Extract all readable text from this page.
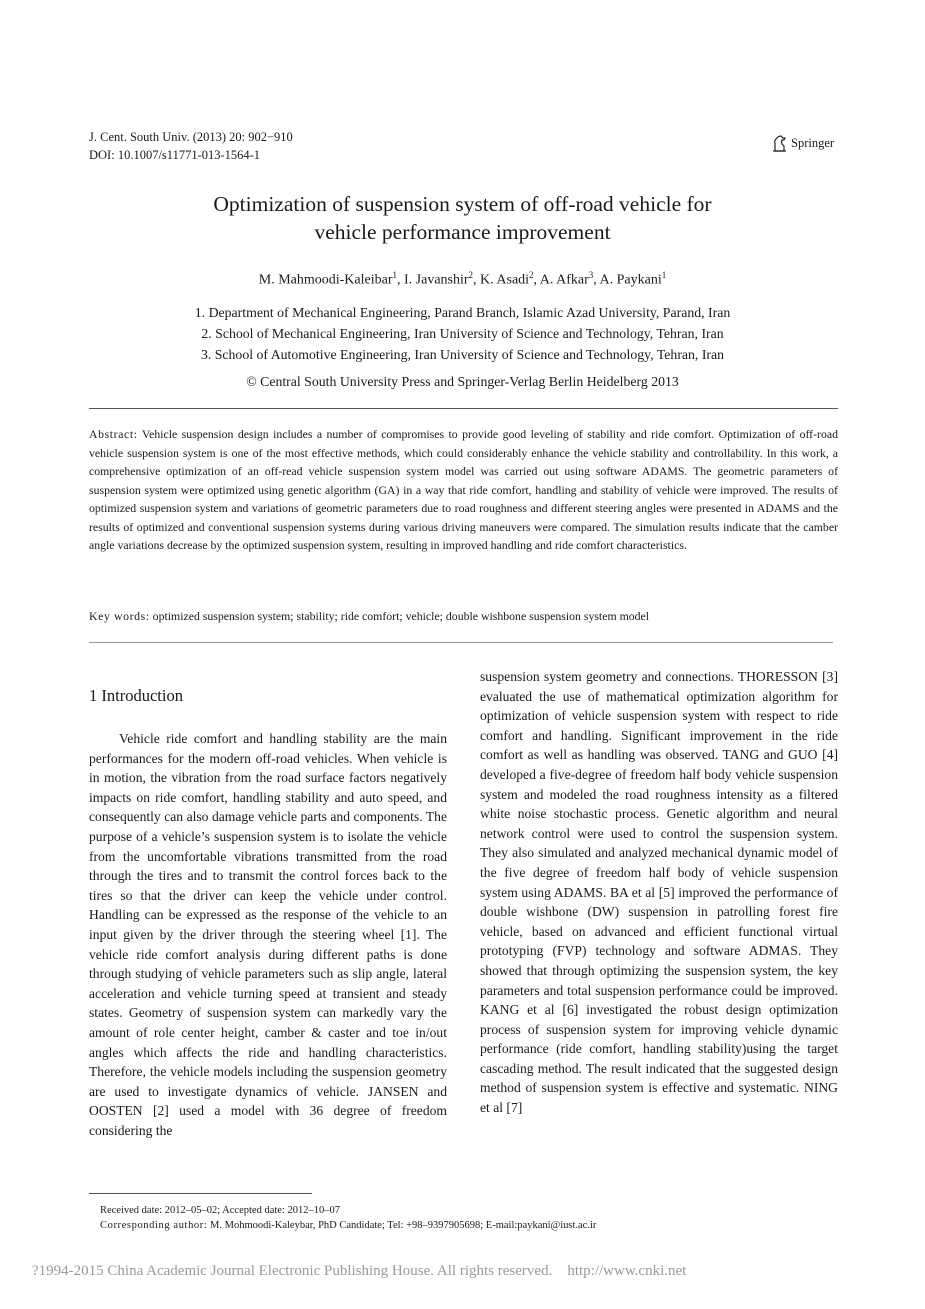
J. Cent. South Univ. (2013) 20: 902−910
DOI: 10.1007/s11771-013-1564-1
Springer
Optimization of suspension system of off-road vehicle for
vehicle performance improvement
M. Mahmoodi-Kaleibar$^1$, I. Javanshir$^2$, K. Asadi$^2$, A. Afkar$^3$, A. Paykani$^1$
1. Department of Mechanical Engineering, Parand Branch, Islamic Azad University, Parand, Iran
2. School of Mechanical Engineering, Iran University of Science and Technology, Tehran, Iran
3. School of Automotive Engineering, Iran University of Science and Technology, Tehran, Iran
© Central South University Press and Springer-Verlag Berlin Heidelberg 2013
Abstract: Vehicle suspension design includes a number of compromises to provide good leveling of stability and ride comfort. Optimization of off-road vehicle suspension system is one of the most effective methods, which could considerably enhance the vehicle stability and controllability. In this work, a comprehensive optimization of an off-read vehicle suspension system model was carried out using software ADAMS. The geometric parameters of suspension system were optimized using genetic algorithm (GA) in a way that ride comfort, handling and stability of vehicle were improved. The results of optimized suspension system and variations of geometric parameters due to road roughness and different steering angles were presented in ADAMS and the results of optimized and conventional suspension systems during various driving maneuvers were compared. The simulation results indicate that the camber angle variations decrease by the optimized suspension system, resulting in improved handling and ride comfort characteristics.
Key words: optimized suspension system; stability; ride comfort; vehicle; double wishbone suspension system model
1 Introduction

Vehicle ride comfort and handling stability are the main performances for the modern off-road vehicles. When vehicle is in motion, the vibration from the road surface factors negatively impacts on ride comfort, handling stability and auto speed, and consequently can also damage vehicle parts and components. The purpose of a vehicle’s suspension system is to isolate the vehicle from the uncomfortable vibrations transmitted from the road through the tires and to transmit the control forces back to the tires so that the driver can keep the vehicle under control. Handling can be expressed as the response of the vehicle to an input given by the driver through the steering wheel [1]. The vehicle ride comfort analysis during different paths is done through studying of vehicle parameters such as slip angle, lateral acceleration and vehicle turning speed at transient and steady states. Geometry of suspension system can markedly vary the amount of role center height, camber & caster and toe in/out angles which affects the ride and handling characteristics. Therefore, the vehicle models including the suspension geometry are used to investigate dynamics of vehicle. JANSEN and OOSTEN [2] used a model with 36 degree of freedom considering the

suspension system geometry and connections. THORESSON [3] evaluated the use of mathematical optimization algorithm for optimization of vehicle suspension system with respect to ride comfort and handling. Significant improvement in the ride comfort as well as handling was observed. TANG and GUO [4] developed a five-degree of freedom half body vehicle suspension system and modeled the road roughness intensity as a filtered white noise stochastic process. Genetic algorithm and neural network control were used to control the suspension system. They also simulated and analyzed mechanical dynamic model of the five degree of freedom half body of vehicle suspension system using ADAMS. BA et al [5] improved the performance of double wishbone (DW) suspension in patrolling forest fire vehicle, based on advanced and efficient functional virtual prototyping (FVP) technology and software ADMAS. They showed that through optimizing the suspension system, the key parameters and total suspension performance could be improved. KANG et al [6] investigated the robust design optimization process of suspension system for improving vehicle dynamic performance (ride comfort, handling stability)using the target cascading method. The result indicated that the suggested design method of suspension system is effective and systematic. NING et al [7]

Received date: 2012–05–02; Accepted date: 2012–10–07
Corresponding author: M. Mohmoodi-Kaleybar, PhD Candidate; Tel: +98–9397905698; E-mail:paykani@iust.ac.ir
?1994-2015 China Academic Journal Electronic Publishing House. All rights reserved.    http://www.cnki.net
